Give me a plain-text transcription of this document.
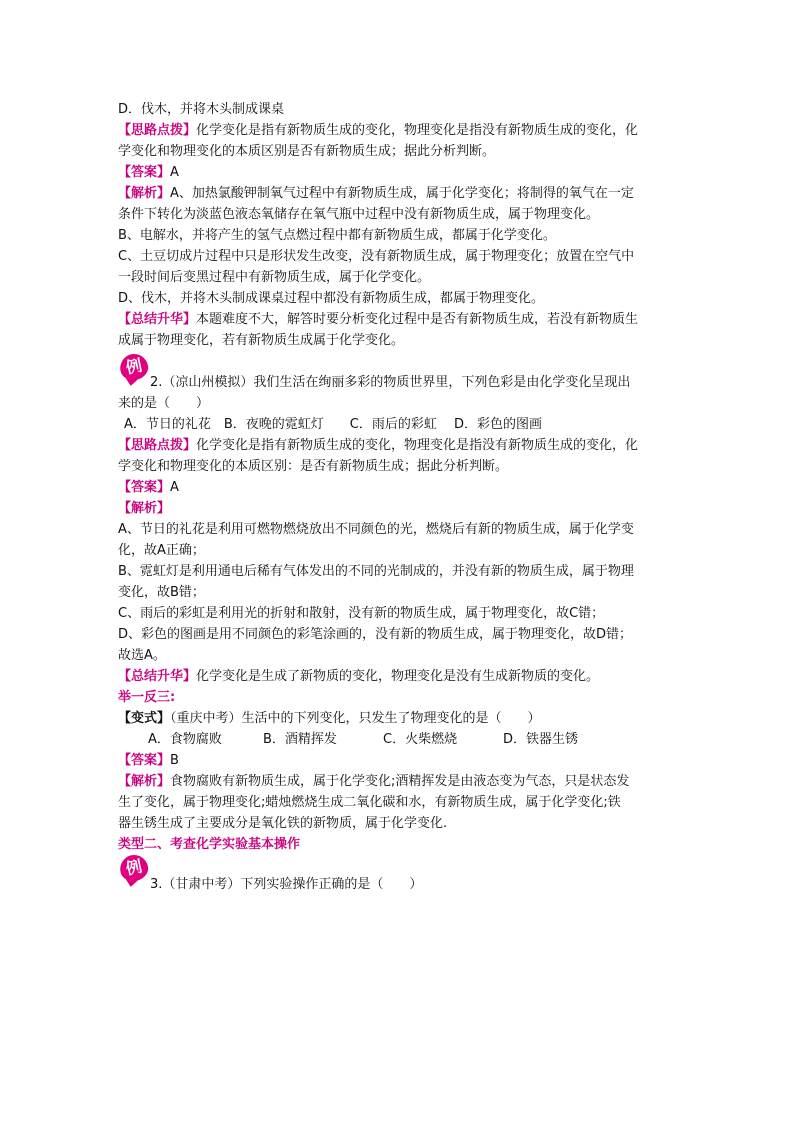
D．伐木，并将木头制成课桌
【思路点拨】化学变化是指有新物质生成的变化，物理变化是指没有新物质生成的变化，化
学变化和物理变化的本质区别是否有新物质生成；据此分析判断。
【答案】A
【解析】A、加热氯酸钾制氧气过程中有新物质生成，属于化学变化；将制得的氧气在一定
条件下转化为淡蓝色液态氧储存在氧气瓶中过程中没有新物质生成，属于物理变化。
B、电解水，并将产生的氢气点燃过程中都有新物质生成，都属于化学变化。
C、土豆切成片过程中只是形状发生改变，没有新物质生成，属于物理变化；放置在空气中
一段时间后变黑过程中有新物质生成，属于化学变化。
D、伐木，并将木头制成课桌过程中都没有新物质生成，都属于物理变化。
【总结升华】本题难度不大，解答时要分析变化过程中是否有新物质生成，若没有新物质生
成属于物理变化，若有新物质生成属于化学变化。
例
2.（凉山州模拟）我们生活在绚丽多彩的物质世界里，下列色彩是由化学变化呈现出
来的是（　　）
A．节日的礼花　B．夜晚的霓虹灯　　C．雨后的彩虹　 D．彩色的图画
【思路点拨】化学变化是指有新物质生成的变化，物理变化是指没有新物质生成的变化，化
学变化和物理变化的本质区别：是否有新物质生成；据此分析判断。
【答案】A
【解析】
A、节日的礼花是利用可燃物燃烧放出不同颜色的光，燃烧后有新的物质生成，属于化学变
化，故A正确；
B、霓虹灯是利用通电后稀有气体发出的不同的光制成的，并没有新的物质生成，属于物理
变化，故B错；
C、雨后的彩虹是利用光的折射和散射，没有新的物质生成，属于物理变化，故C错；
D、彩色的图画是用不同颜色的彩笔涂画的，没有新的物质生成，属于物理变化，故D错；
故选A。
【总结升华】化学变化是生成了新物质的变化，物理变化是没有生成新物质的变化。
举一反三:
【变式】（重庆中考）生活中的下列变化，只发生了物理变化的是（　　）
A．食物腐败	B．酒精挥发	C．火柴燃烧	D．铁器生锈
【答案】B
【解析】食物腐败有新物质生成，属于化学变化;酒精挥发是由液态变为气态，只是状态发
生了变化，属于物理变化;蜡烛燃烧生成二氧化碳和水，有新物质生成，属于化学变化;铁
器生锈生成了主要成分是氧化铁的新物质，属于化学变化.
类型二、考查化学实验基本操作
例
3.（甘肃中考）下列实验操作正确的是（　　）
